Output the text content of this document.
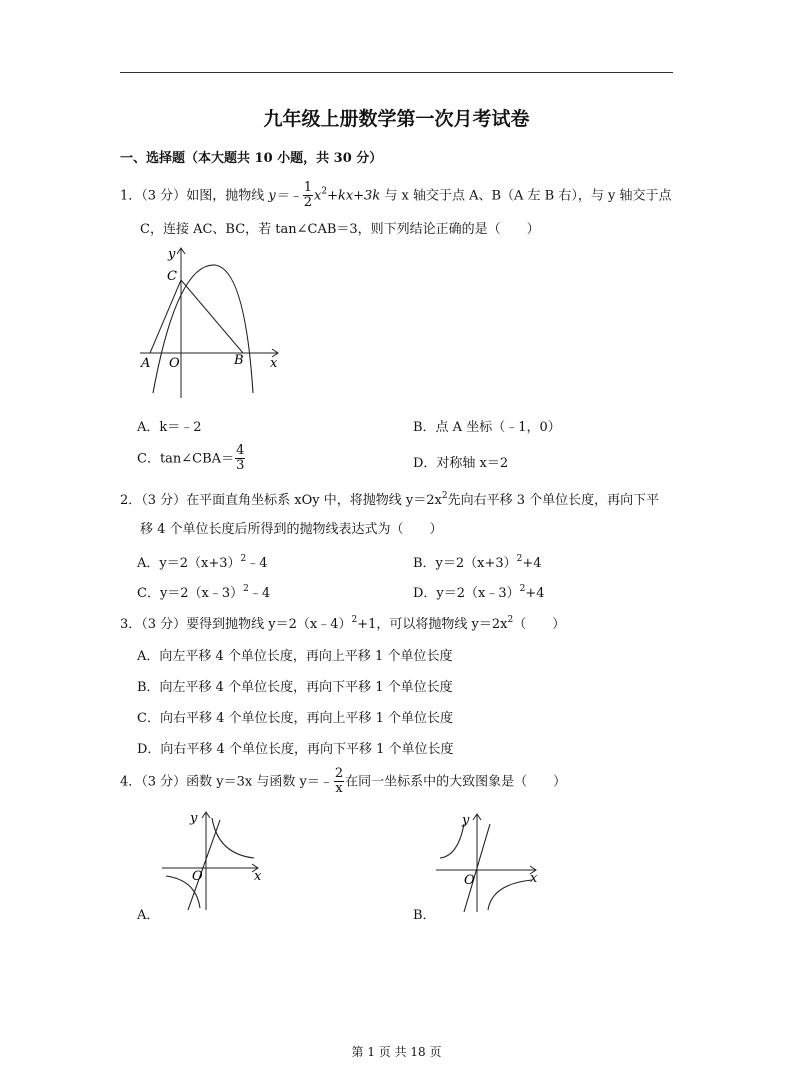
九年级上册数学第一次月考试卷
一、选择题（本大题共 10 小题，共 30 分）
1．（3 分）如图，抛物线 y＝﹣ $\frac{1}{2} x^2+kx+3k$ 与 x 轴交于点 A、B（A 左 B 右），与 y 轴交于点
C，连接 AC、BC，若 tan∠CAB＝3，则下列结论正确的是（　　）
y
C
A O	B x
A．k＝﹣2	B．点 A 坐标（﹣1，0）
C．tan∠CBA＝ $\frac{4}{3}$	D．对称轴 x＝2
2．（3 分）在平面直角坐标系 xOy 中，将抛物线 $y=2x^2$先向右平移 3 个单位长度，再向下平
移 4 个单位长度后所得到的抛物线表达式为（　　）
A．$y=2(x+3)^2﹣4$	B．$y=2(x+3)^2+4$
C．y＝2（x﹣3）$^2$﹣4	D．y＝2（x﹣3）$^2$+4
3．（3 分）要得到抛物线 y＝2（x﹣4）$^2$+1，可以将抛物线 $y=2x^2$（　　）
A．向左平移 4 个单位长度，再向上平移 1 个单位长度
B．向左平移 4 个单位长度，再向下平移 1 个单位长度
C．向右平移 4 个单位长度，再向上平移 1 个单位长度
D．向右平移 4 个单位长度，再向下平移 1 个单位长度
4．（3 分）函数 y＝3x 与函数 y＝﹣ $\frac{2}{x}$ 在同一坐标系中的大致图象是（　　）
y
O	x
A．
y
O	x
B．
第 1 页 共 18 页
